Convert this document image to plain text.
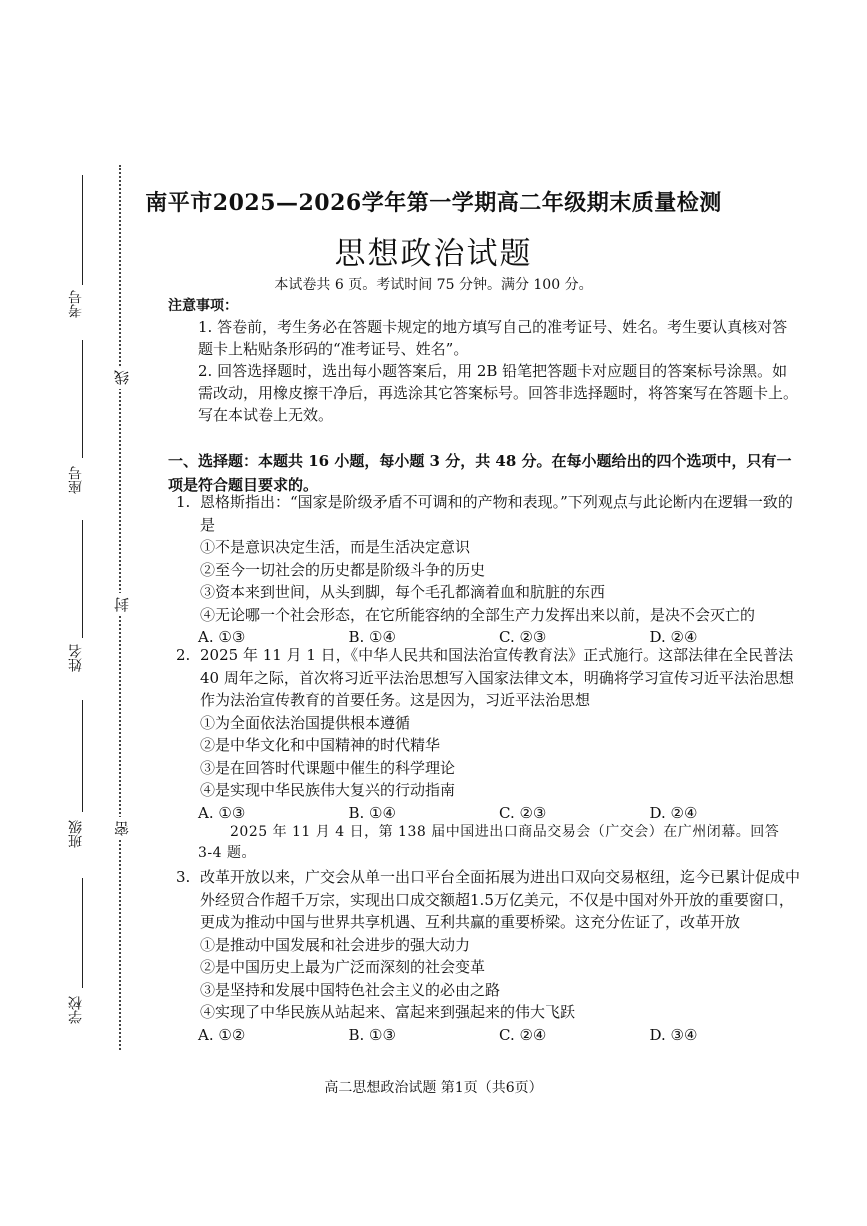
线
封
密
考号
座号
姓名
班级
学校
南平市2025—2026学年第一学期高二年级期末质量检测
思想政治试题
本试卷共 6 页。考试时间 75 分钟。满分 100 分。
注意事项：
1. 答卷前，考生务必在答题卡规定的地方填写自己的准考证号、姓名。考生要认真核对答题卡上粘贴条形码的“准考证号、姓名”。
2. 回答选择题时，选出每小题答案后，用 2B 铅笔把答题卡对应题目的答案标号涂黑。如需改动，用橡皮擦干净后，再选涂其它答案标号。回答非选择题时，将答案写在答题卡上。写在本试卷上无效。
一、选择题：本题共 16 小题，每小题 3 分，共 48 分。在每小题给出的四个选项中，只有一项是符合题目要求的。
1. 恩格斯指出：“国家是阶级矛盾不可调和的产物和表现。”下列观点与此论断内在逻辑一致的是
①不是意识决定生活，而是生活决定意识
②至今一切社会的历史都是阶级斗争的历史
③资本来到世间，从头到脚，每个毛孔都滴着血和肮脏的东西
④无论哪一个社会形态，在它所能容纳的全部生产力发挥出来以前，是决不会灭亡的
A. ①③	B. ①④	C. ②③	D. ②④
2. 2025 年 11 月 1 日，《中华人民共和国法治宣传教育法》正式施行。这部法律在全民普法 40 周年之际，首次将习近平法治思想写入国家法律文本，明确将学习宣传习近平法治思想作为法治宣传教育的首要任务。这是因为，习近平法治思想
①为全面依法治国提供根本遵循
②是中华文化和中国精神的时代精华
③是在回答时代课题中催生的科学理论
④是实现中华民族伟大复兴的行动指南
A. ①③	B. ①④	C. ②③	D. ②④
2025 年 11 月 4 日，第 138 届中国进出口商品交易会（广交会）在广州闭幕。回答 3-4 题。
3. 改革开放以来，广交会从单一出口平台全面拓展为进出口双向交易枢纽，迄今已累计促成中外经贸合作超千万宗，实现出口成交额超1.5万亿美元，不仅是中国对外开放的重要窗口，更成为推动中国与世界共享机遇、互利共赢的重要桥梁。这充分佐证了，改革开放
①是推动中国发展和社会进步的强大动力
②是中国历史上最为广泛而深刻的社会变革
③是坚持和发展中国特色社会主义的必由之路
④实现了中华民族从站起来、富起来到强起来的伟大飞跃
A. ①②	B. ①③	C. ②④	D. ③④
高二思想政治试题 第1页（共6页）
